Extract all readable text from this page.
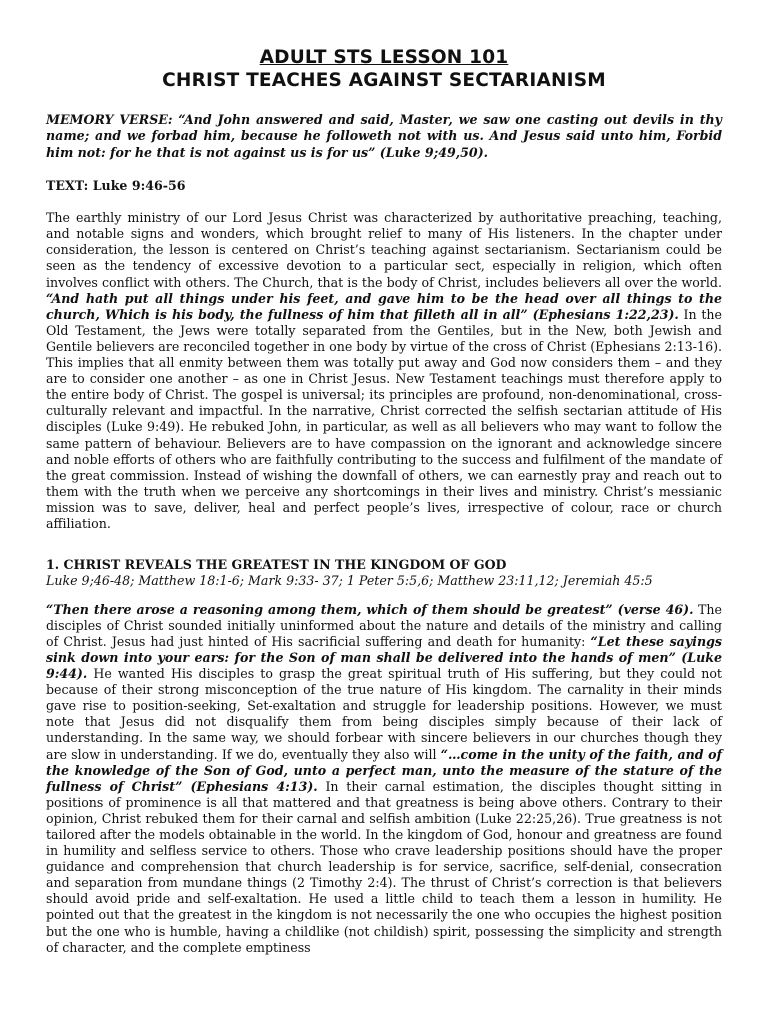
ADULT STS LESSON 101
CHRIST TEACHES AGAINST SECTARIANISM
MEMORY VERSE: “And John answered and said, Master, we saw one casting out devils in thy name; and we forbad him, because he followeth not with us. And Jesus said unto him, Forbid him not: for he that is not against us is for us” (Luke 9;49,50).
TEXT: Luke 9:46-56

The earthly ministry of our Lord Jesus Christ was characterized by authoritative preaching, teaching, and notable signs and wonders, which brought relief to many of His listeners. In the chapter under consideration, the lesson is centered on Christ’s teaching against sectarianism. Sectarianism could be seen as the tendency of excessive devotion to a particular sect, especially in religion, which often involves conflict with others. The Church, that is the body of Christ, includes believers all over the world. “And hath put all things under his feet, and gave him to be the head over all things to the church, Which is his body, the fullness of him that filleth all in all” (Ephesians 1:22,23). In the Old Testament, the Jews were totally separated from the Gentiles, but in the New, both Jewish and Gentile believers are reconciled together in one body by virtue of the cross of Christ (Ephesians 2:13-16). This implies that all enmity between them was totally put away and God now considers them – and they are to consider one another – as one in Christ Jesus. New Testament teachings must therefore apply to the entire body of Christ. The gospel is universal; its principles are profound, non-denominational, cross-culturally relevant and impactful. In the narrative, Christ corrected the selfish sectarian attitude of His disciples (Luke 9:49). He rebuked John, in particular, as well as all believers who may want to follow the same pattern of behaviour. Believers are to have compassion on the ignorant and acknowledge sincere and noble efforts of others who are faithfully contributing to the success and fulfilment of the mandate of the great commission. Instead of wishing the downfall of others, we can earnestly pray and reach out to them with the truth when we perceive any shortcomings in their lives and ministry. Christ’s messianic mission was to save, deliver, heal and perfect people’s lives, irrespective of colour, race or church affiliation.

1. CHRIST REVEALS THE GREATEST IN THE KINGDOM OF GOD
Luke 9;46-48; Matthew 18:1-6; Mark 9:33- 37; 1 Peter 5:5,6; Matthew 23:11,12; Jeremiah 45:5

“Then there arose a reasoning among them, which of them should be greatest” (verse 46). The disciples of Christ sounded initially uninformed about the nature and details of the ministry and calling of Christ. Jesus had just hinted of His sacrificial suffering and death for humanity: “Let these sayings sink down into your ears: for the Son of man shall be delivered into the hands of men” (Luke 9:44). He wanted His disciples to grasp the great spiritual truth of His suffering, but they could not because of their strong misconception of the true nature of His kingdom. The carnality in their minds gave rise to position-seeking, Set-exaltation and struggle for leadership positions. However, we must note that Jesus did not disqualify them from being disciples simply because of their lack of understanding. In the same way, we should forbear with sincere believers in our churches though they are slow in understanding. If we do, eventually they also will “…come in the unity of the faith, and of the knowledge of the Son of God, unto a perfect man, unto the measure of the stature of the fullness of Christ” (Ephesians 4:13). In their carnal estimation, the disciples thought sitting in positions of prominence is all that mattered and that greatness is being above others. Contrary to their opinion, Christ rebuked them for their carnal and selfish ambition (Luke 22:25,26). True greatness is not tailored after the models obtainable in the world. In the kingdom of God, honour and greatness are found in humility and selfless service to others. Those who crave leadership positions should have the proper guidance and comprehension that church leadership is for service, sacrifice, self-denial, consecration and separation from mundane things (2 Timothy 2:4). The thrust of Christ’s correction is that believers should avoid pride and self-exaltation. He used a little child to teach them a lesson in humility. He pointed out that the greatest in the kingdom is not necessarily the one who occupies the highest position but the one who is humble, having a childlike (not childish) spirit, possessing the simplicity and strength of character, and the complete emptiness
